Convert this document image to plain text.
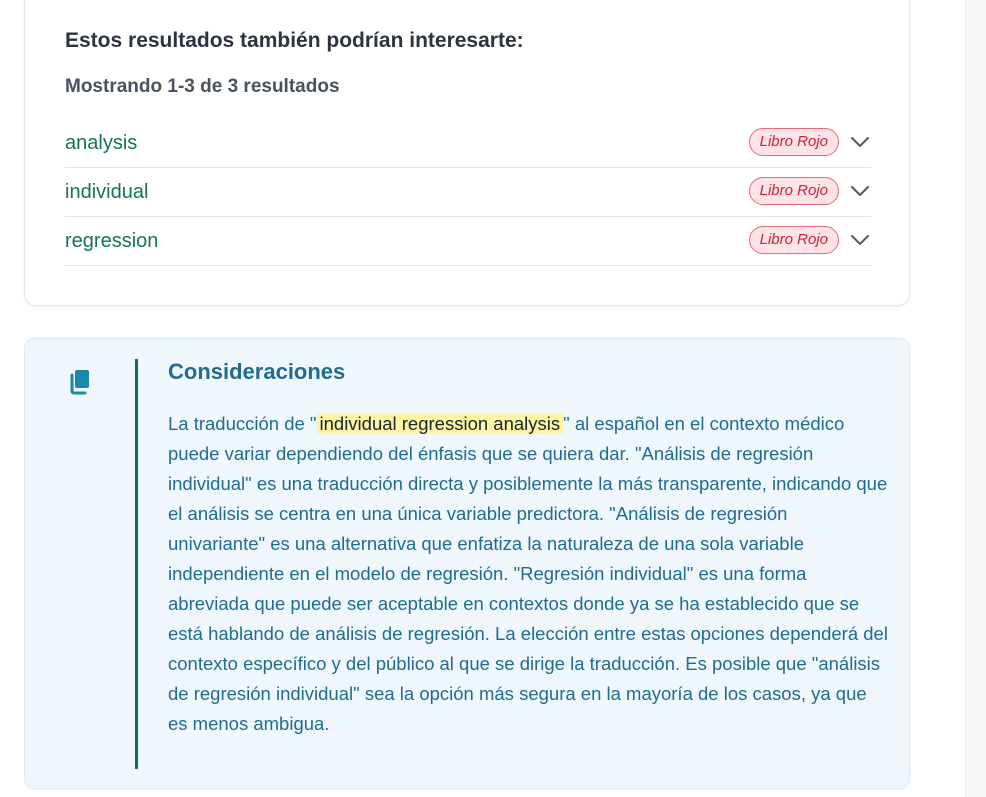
Estos resultados también podrían interesarte:
Mostrando 1-3 de 3 resultados
analysis	Libro Rojo
individual	Libro Rojo
regression	Libro Rojo
Consideraciones

La traducción de " individual regression analysis " al español en el contexto médico puede variar dependiendo del énfasis que se quiera dar. "Análisis de regresión individual" es una traducción directa y posiblemente la más transparente, indicando que el análisis se centra en una única variable predictora. "Análisis de regresión univariante" es una alternativa que enfatiza la naturaleza de una sola variable independiente en el modelo de regresión. "Regresión individual" es una forma abreviada que puede ser aceptable en contextos donde ya se ha establecido que se está hablando de análisis de regresión. La elección entre estas opciones dependerá del contexto específico y del público al que se dirige la traducción. Es posible que "análisis de regresión individual" sea la opción más segura en la mayoría de los casos, ya que es menos ambigua.
